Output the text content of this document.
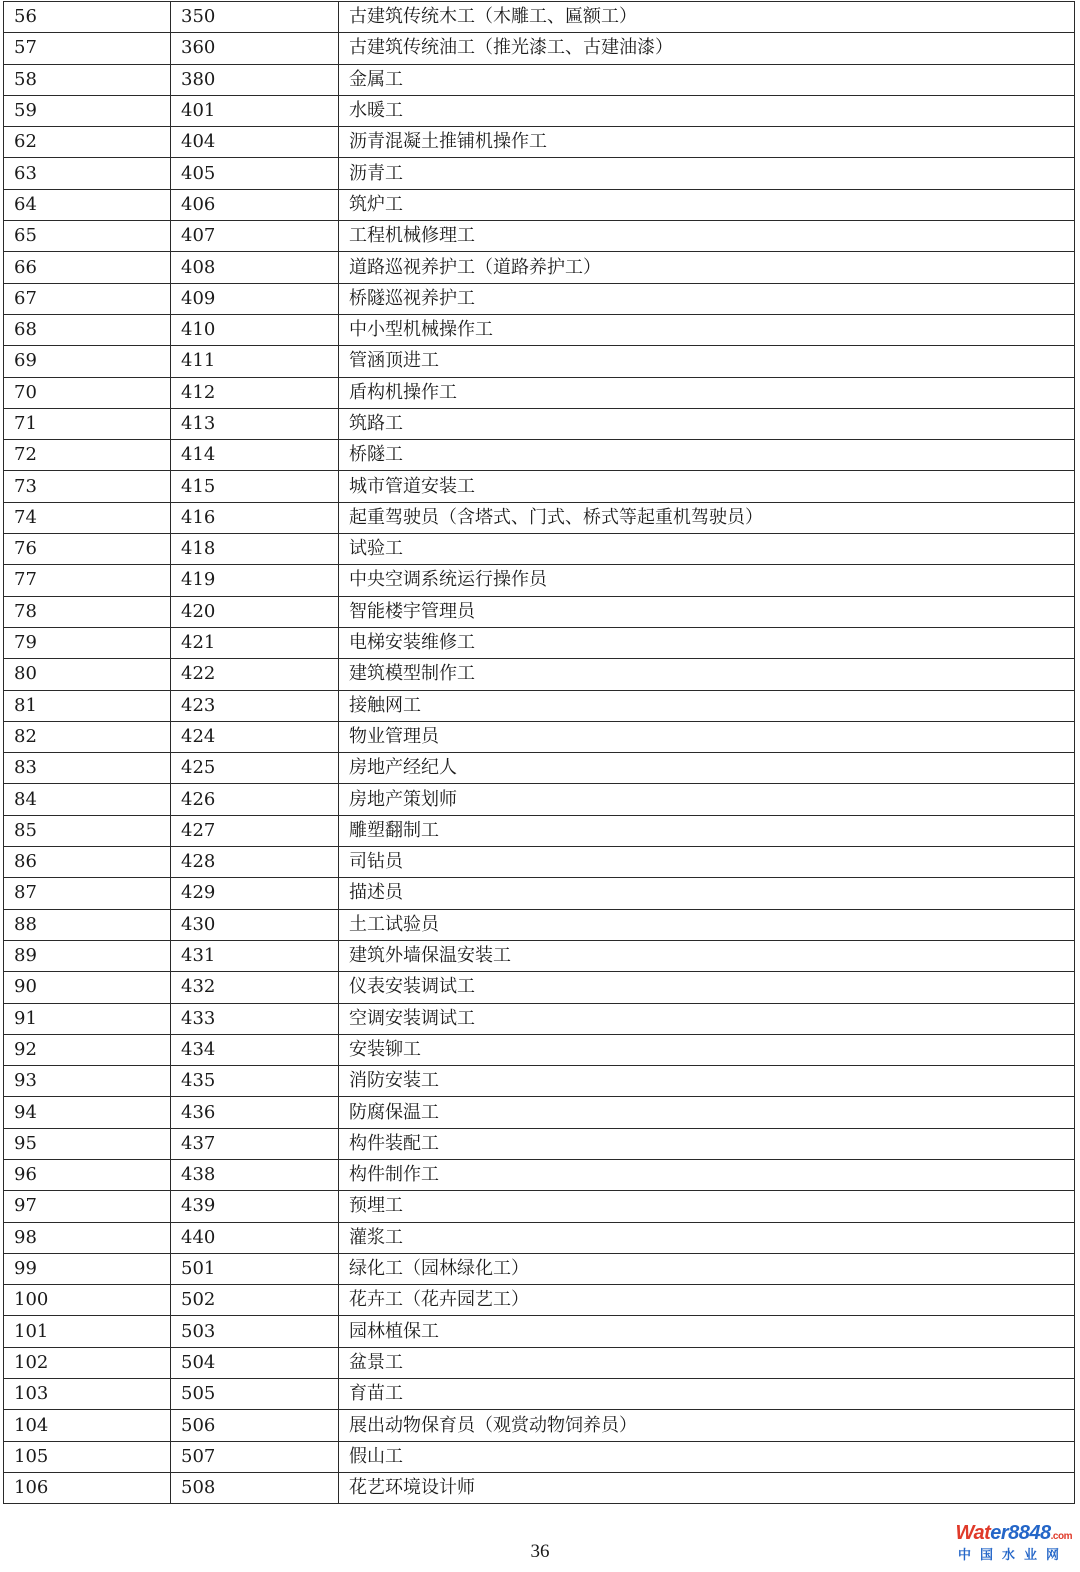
56	350	古建筑传统木工（木雕工、匾额工）
57	360	古建筑传统油工（推光漆工、古建油漆）
58	380	金属工
59	401	水暖工
62	404	沥青混凝土推铺机操作工
63	405	沥青工
64	406	筑炉工
65	407	工程机械修理工
66	408	道路巡视养护工（道路养护工）
67	409	桥隧巡视养护工
68	410	中小型机械操作工
69	411	管涵顶进工
70	412	盾构机操作工
71	413	筑路工
72	414	桥隧工
73	415	城市管道安装工
74	416	起重驾驶员（含塔式、门式、桥式等起重机驾驶员）
76	418	试验工
77	419	中央空调系统运行操作员
78	420	智能楼宇管理员
79	421	电梯安装维修工
80	422	建筑模型制作工
81	423	接触网工
82	424	物业管理员
83	425	房地产经纪人
84	426	房地产策划师
85	427	雕塑翻制工
86	428	司钻员
87	429	描述员
88	430	土工试验员
89	431	建筑外墙保温安装工
90	432	仪表安装调试工
91	433	空调安装调试工
92	434	安装铆工
93	435	消防安装工
94	436	防腐保温工
95	437	构件装配工
96	438	构件制作工
97	439	预埋工
98	440	灌浆工
99	501	绿化工（园林绿化工）
100	502	花卉工（花卉园艺工）
101	503	园林植保工
102	504	盆景工
103	505	育苗工
104	506	展出动物保育员（观赏动物饲养员）
105	507	假山工
106	508	花艺环境设计师
36
Water8848.com
中国水业网
